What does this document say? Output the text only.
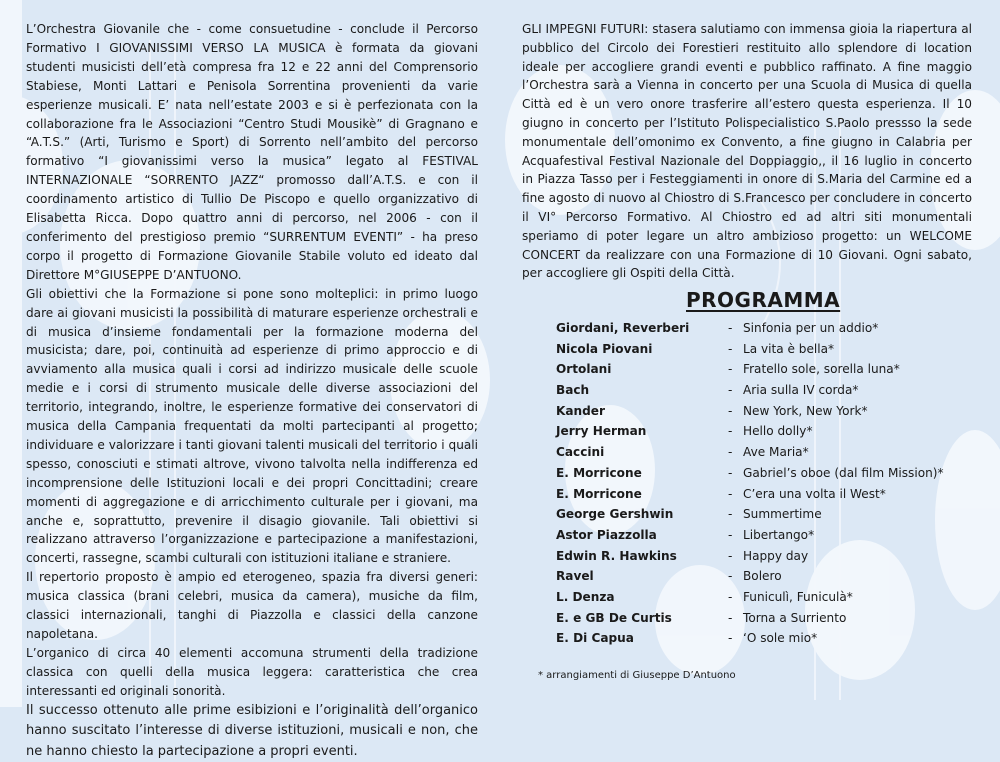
L’Orchestra Giovanile che - come consuetudine - conclude il Percorso Formativo I GIOVANISSIMI VERSO LA MUSICA è formata da giovani studenti musicisti dell’età compresa fra 12 e 22 anni del Comprensorio Stabiese, Monti Lattari e Penisola Sorrentina provenienti da varie esperienze musicali. E’ nata nell’estate 2003 e si è perfezionata con la collaborazione fra le Associazioni “Centro Studi Mousikè” di Gragnano e “A.T.S.” (Arti, Turismo e Sport) di Sorrento nell’ambito del percorso formativo “I giovanissimi verso la musica” legato al FESTIVAL INTERNAZIONALE “SORRENTO JAZZ“ promosso dall’A.T.S. e con il coordinamento artistico di Tullio De Piscopo e quello organizzativo di Elisabetta Ricca. Dopo quattro anni di percorso, nel 2006 - con il conferimento del prestigioso premio “SURRENTUM EVENTI” - ha preso corpo il progetto di Formazione Giovanile Stabile voluto ed ideato dal Direttore M°GIUSEPPE D’ANTUONO.

Gli obiettivi che la Formazione si pone sono molteplici: in primo luogo dare ai giovani musicisti la possibilità di maturare esperienze orchestrali e di musica d’insieme fondamentali per la formazione moderna del musicista; dare, poi, continuità ad esperienze di primo approccio e di avviamento alla musica quali i corsi ad indirizzo musicale delle scuole medie e i corsi di strumento musicale delle diverse associazioni del territorio, integrando, inoltre, le esperienze formative dei conservatori di musica della Campania frequentati da molti partecipanti al progetto; individuare e valorizzare i tanti giovani talenti musicali del territorio i quali spesso, conosciuti e stimati altrove, vivono talvolta nella indifferenza ed incomprensione delle Istituzioni locali e dei propri Concittadini; creare momenti di aggregazione e di arricchimento culturale per i giovani, ma anche e, soprattutto, prevenire il disagio giovanile. Tali obiettivi si realizzano attraverso l’organizzazione e partecipazione a manifestazioni, concerti, rassegne, scambi culturali con istituzioni italiane e straniere.

Il repertorio proposto è ampio ed eterogeneo, spazia fra diversi generi: musica classica (brani celebri, musica da camera), musiche da film, classici internazionali, tanghi di Piazzolla e classici della canzone napoletana.

L’organico di circa 40 elementi accomuna strumenti della tradizione classica con quelli della musica leggera: caratteristica che crea interessanti ed originali sonorità.

Il successo ottenuto alle prime esibizioni e l’originalità dell’organico hanno suscitato l’interesse di diverse istituzioni, musicali e non, che ne hanno chiesto la partecipazione a propri eventi.

GLI IMPEGNI FUTURI: stasera salutiamo con immensa gioia la riapertura al pubblico del Circolo dei Forestieri restituito allo splendore di location ideale per accogliere grandi eventi e pubblico raffinato. A fine maggio l’Orchestra sarà a Vienna in concerto per una Scuola di Musica di quella Città ed è un vero onore trasferire all’estero questa esperienza. Il 10 giugno in concerto per l’Istituto Polispecialistico S.Paolo pressso la sede monumentale dell’omonimo ex Convento, a fine giugno in Calabria per Acquafestival Festival Nazionale del Doppiaggio,, il 16 luglio in concerto in Piazza Tasso per i Festeggiamenti in onore di S.Maria del Carmine ed a fine agosto di nuovo al Chiostro di S.Francesco per concludere in concerto il VI° Percorso Formativo. Al Chiostro ed ad altri siti monumentali speriamo di poter legare un altro ambizioso progetto: un WELCOME CONCERT da realizzare con una Formazione di 10 Giovani. Ogni sabato, per accogliere gli Ospiti della Città.

PROGRAMMA
Giordani, Reverberi	- Sinfonia per un addio*
Nicola Piovani	- La vita è bella*
Ortolani	- Fratello sole, sorella luna*
Bach	- Aria sulla IV corda*
Kander	- New York, New York*
Jerry Herman	- Hello dolly*
Caccini	- Ave Maria*
E. Morricone	- Gabriel’s oboe (dal film Mission)*
E. Morricone	- C’era una volta il West*
George Gershwin	- Summertime
Astor Piazzolla	- Libertango*
Edwin R. Hawkins	- Happy day
Ravel	- Bolero
L. Denza	- Funiculì, Funiculà*
E. e GB De Curtis	- Torna a Surriento
E. Di Capua	- ‘O sole mio*
* arrangiamenti di Giuseppe D’Antuono
